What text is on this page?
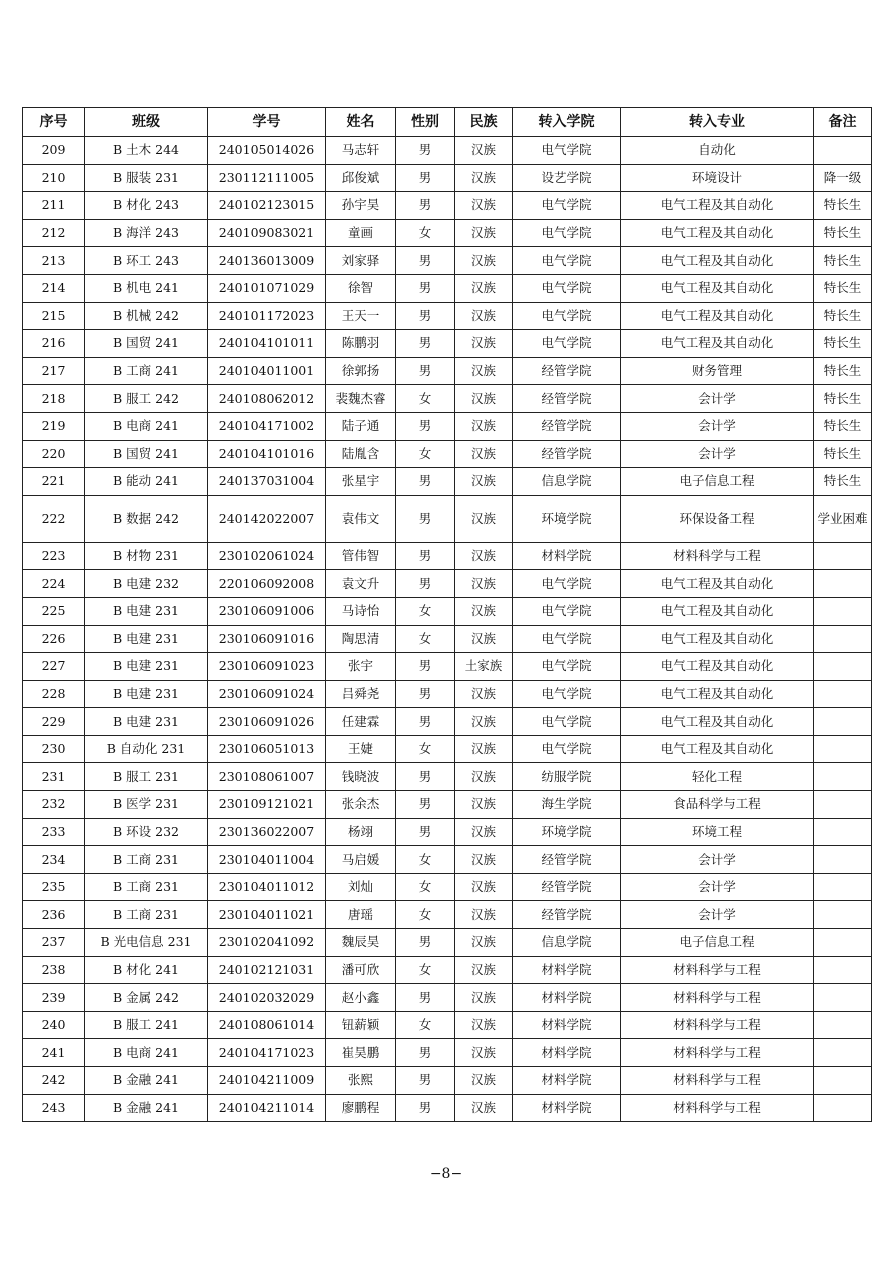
序号	班级	学号	姓名	性别	民族	转入学院	转入专业	备注
209	B 土木 244	240105014026	马志轩	男	汉族	电气学院	自动化	
210	B 服装 231	230112111005	邱俊斌	男	汉族	设艺学院	环境设计	降一级
211	B 材化 243	240102123015	孙宇昊	男	汉族	电气学院	电气工程及其自动化	特长生
212	B 海洋 243	240109083021	童画	女	汉族	电气学院	电气工程及其自动化	特长生
213	B 环工 243	240136013009	刘家驿	男	汉族	电气学院	电气工程及其自动化	特长生
214	B 机电 241	240101071029	徐智	男	汉族	电气学院	电气工程及其自动化	特长生
215	B 机械 242	240101172023	王天一	男	汉族	电气学院	电气工程及其自动化	特长生
216	B 国贸 241	240104101011	陈鹏羽	男	汉族	电气学院	电气工程及其自动化	特长生
217	B 工商 241	240104011001	徐郭扬	男	汉族	经管学院	财务管理	特长生
218	B 服工 242	240108062012	裴魏杰睿	女	汉族	经管学院	会计学	特长生
219	B 电商 241	240104171002	陆子通	男	汉族	经管学院	会计学	特长生
220	B 国贸 241	240104101016	陆胤含	女	汉族	经管学院	会计学	特长生
221	B 能动 241	240137031004	张星宇	男	汉族	信息学院	电子信息工程	特长生
222	B 数据 242	240142022007	袁伟文	男	汉族	环境学院	环保设备工程	学业困难
223	B 材物 231	230102061024	管伟智	男	汉族	材料学院	材料科学与工程	
224	B 电建 232	220106092008	袁文升	男	汉族	电气学院	电气工程及其自动化	
225	B 电建 231	230106091006	马诗怡	女	汉族	电气学院	电气工程及其自动化	
226	B 电建 231	230106091016	陶思清	女	汉族	电气学院	电气工程及其自动化	
227	B 电建 231	230106091023	张宇	男	土家族	电气学院	电气工程及其自动化	
228	B 电建 231	230106091024	吕舜尧	男	汉族	电气学院	电气工程及其自动化	
229	B 电建 231	230106091026	任建霖	男	汉族	电气学院	电气工程及其自动化	
230	B 自动化 231	230106051013	王婕	女	汉族	电气学院	电气工程及其自动化	
231	B 服工 231	230108061007	钱晓波	男	汉族	纺服学院	轻化工程	
232	B 医学 231	230109121021	张余杰	男	汉族	海生学院	食品科学与工程	
233	B 环设 232	230136022007	杨翊	男	汉族	环境学院	环境工程	
234	B 工商 231	230104011004	马启媛	女	汉族	经管学院	会计学	
235	B 工商 231	230104011012	刘灿	女	汉族	经管学院	会计学	
236	B 工商 231	230104011021	唐瑶	女	汉族	经管学院	会计学	
237	B 光电信息 231	230102041092	魏辰昊	男	汉族	信息学院	电子信息工程	
238	B 材化 241	240102121031	潘可欣	女	汉族	材料学院	材料科学与工程	
239	B 金属 242	240102032029	赵小鑫	男	汉族	材料学院	材料科学与工程	
240	B 服工 241	240108061014	钮薪颖	女	汉族	材料学院	材料科学与工程	
241	B 电商 241	240104171023	崔昊鹏	男	汉族	材料学院	材料科学与工程	
242	B 金融 241	240104211009	张熙	男	汉族	材料学院	材料科学与工程	
243	B 金融 241	240104211014	廖鹏程	男	汉族	材料学院	材料科学与工程	
−8−
